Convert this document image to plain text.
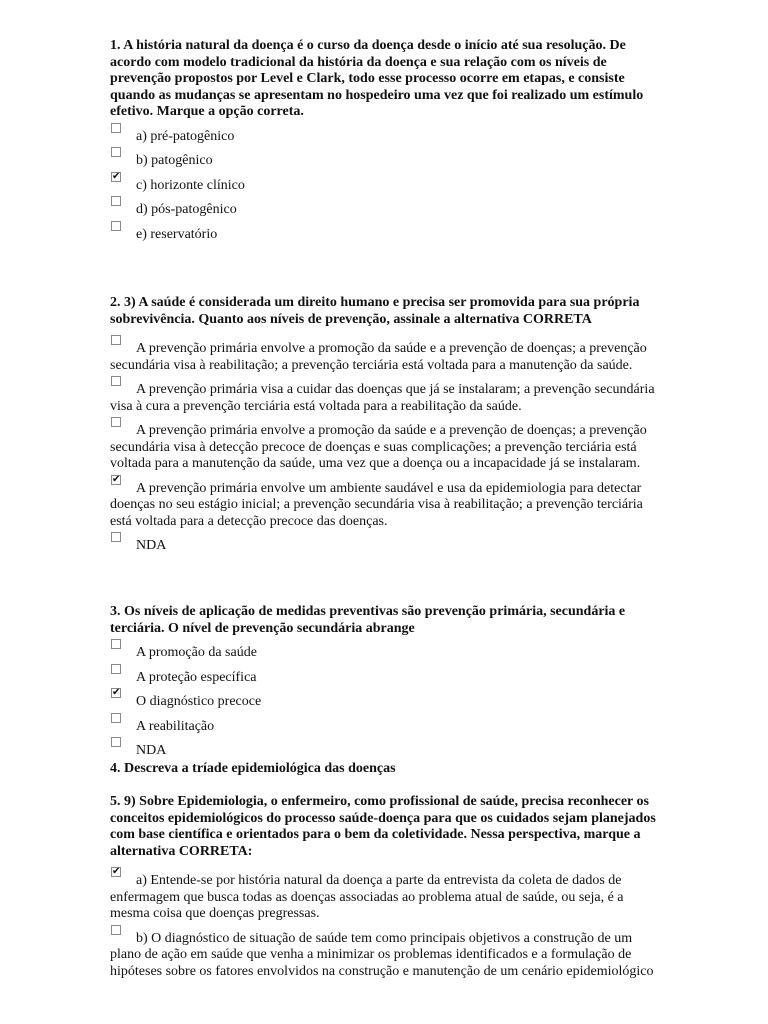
1. A história natural da doença é o curso da doença desde o início até sua resolução. De acordo com modelo tradicional da história da doença e sua relação com os níveis de prevenção propostos por Level e Clark, todo esse processo ocorre em etapas, e consiste quando as mudanças se apresentam no hospedeiro uma vez que foi realizado um estímulo efetivo. Marque a opção correta.
a) pré-patogênico
b) patogênico
✔
c) horizonte clínico
d) pós-patogênico
e) reservatório
2. 3) A saúde é considerada um direito humano e precisa ser promovida para sua própria sobrevivência. Quanto aos níveis de prevenção, assinale a alternativa CORRETA
A prevenção primária envolve a promoção da saúde e a prevenção de doenças; a prevenção secundária visa à reabilitação; a prevenção terciária está voltada para a manutenção da saúde.
A prevenção primária visa a cuidar das doenças que já se instalaram; a prevenção secundária visa à cura a prevenção terciária está voltada para a reabilitação da saúde.
A prevenção primária envolve a promoção da saúde e a prevenção de doenças; a prevenção secundária visa à detecção precoce de doenças e suas complicações; a prevenção terciária está voltada para a manutenção da saúde, uma vez que a doença ou a incapacidade já se instalaram.
✔
A prevenção primária envolve um ambiente saudável e usa da epidemiologia para detectar doenças no seu estágio inicial; a prevenção secundária visa à reabilitação; a prevenção terciária está voltada para a detecção precoce das doenças.
NDA
3. Os níveis de aplicação de medidas preventivas são prevenção primária, secundária e terciária. O nível de prevenção secundária abrange
A promoção da saúde
A proteção específica
✔
O diagnóstico precoce
A reabilitação
NDA
4. Descreva a tríade epidemiológica das doenças
5. 9) Sobre Epidemiologia, o enfermeiro, como profissional de saúde, precisa reconhecer os conceitos epidemiológicos do processo saúde-doença para que os cuidados sejam planejados com base científica e orientados para o bem da coletividade. Nessa perspectiva, marque a alternativa CORRETA:
✔
a) Entende-se por história natural da doença a parte da entrevista da coleta de dados de enfermagem que busca todas as doenças associadas ao problema atual de saúde, ou seja, é a mesma coisa que doenças pregressas.
b) O diagnóstico de situação de saúde tem como principais objetivos a construção de um plano de ação em saúde que venha a minimizar os problemas identificados e a formulação de hipóteses sobre os fatores envolvidos na construção e manutenção de um cenário epidemiológico
